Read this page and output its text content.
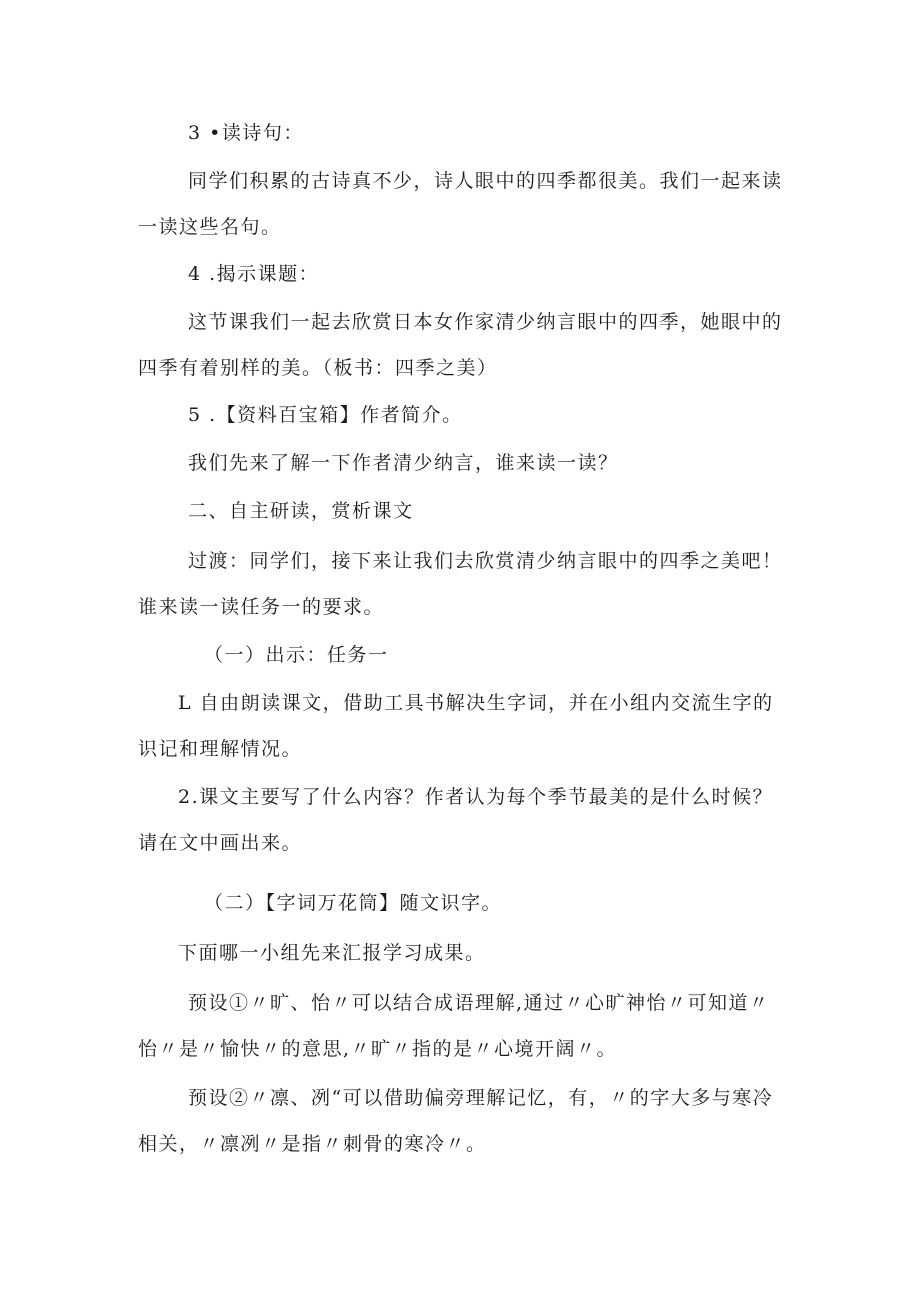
3 •读诗句：

同学们积累的古诗真不少，诗人眼中的四季都很美。我们一起来读一读这些名句。

4 .揭示课题：

这节课我们一起去欣赏日本女作家清少纳言眼中的四季，她眼中的四季有着别样的美。（板书：四季之美）

5 .【资料百宝箱】作者简介。

我们先来了解一下作者清少纳言，谁来读一读？

二、自主研读，赏析课文

过渡：同学们，接下来让我们去欣赏清少纳言眼中的四季之美吧！谁来读一读任务一的要求。

（一）出示：任务一

L 自由朗读课文，借助工具书解决生字词，并在小组内交流生字的识记和理解情况。

2.课文主要写了什么内容？作者认为每个季节最美的是什么时候？请在文中画出来。

（二）【字词万花筒】随文识字。

下面哪一小组先来汇报学习成果。

预设①〃旷、怡〃可以结合成语理解,通过〃心旷神怡〃可知道〃怡〃是〃愉快〃的意思,〃旷〃指的是〃心境开阔〃。

预设②〃凛、冽“可以借助偏旁理解记忆，有，〃的字大多与寒冷相关，〃凛冽〃是指〃刺骨的寒冷〃。
